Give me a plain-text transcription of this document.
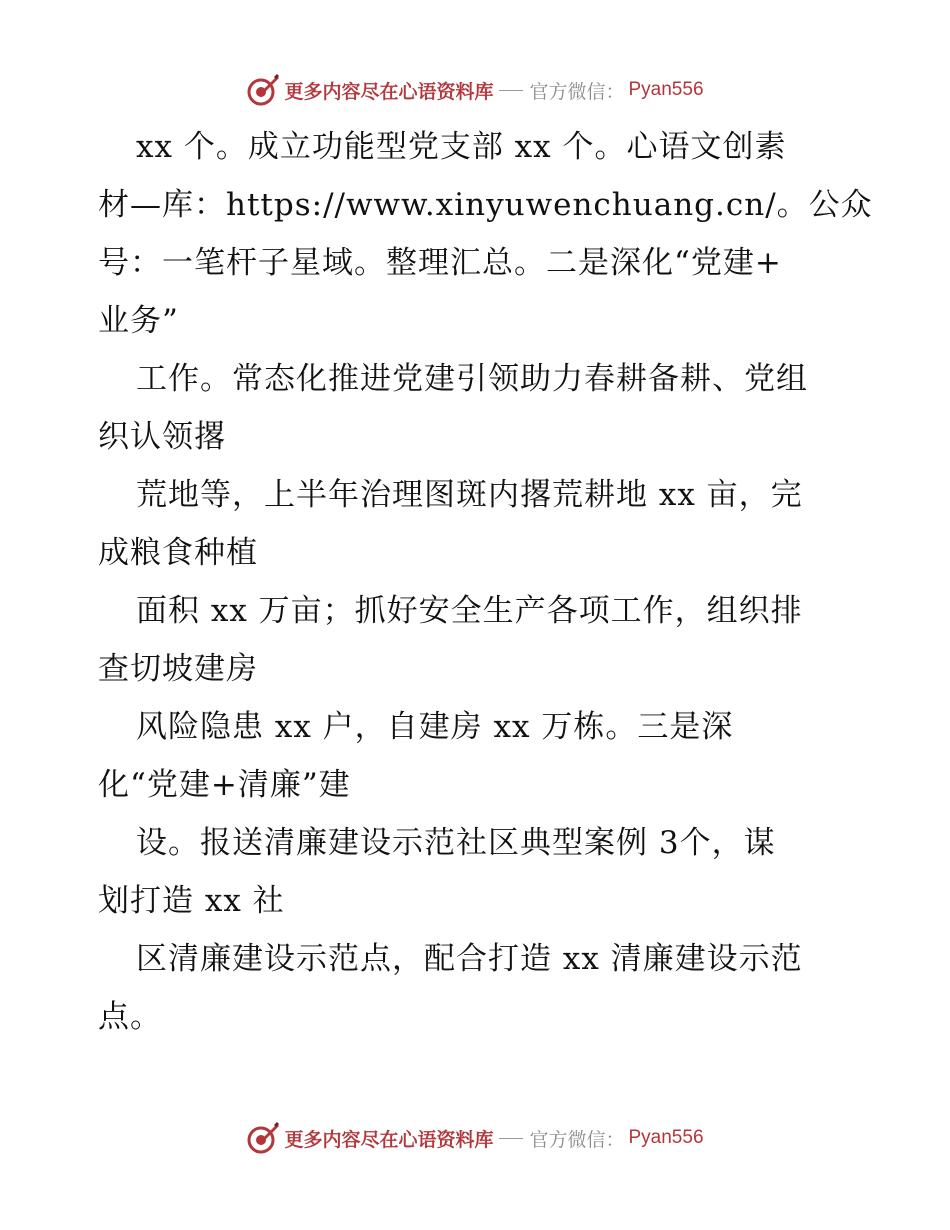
更多内容尽在心语资料库 官方微信： Pyan556
xx 个。成立功能型党支部 xx 个。心语文创素
材—库：https://www.xinyuwenchuang.cn/。公众
号：一笔杆子星域。整理汇总。二是深化“党建+
业务”
工作。常态化推进党建引领助力春耕备耕、党组
织认领撂
荒地等，上半年治理图斑内撂荒耕地 xx 亩，完
成粮食种植
面积 xx 万亩；抓好安全生产各项工作，组织排
查切坡建房
风险隐患 xx 户，自建房 xx 万栋。三是深
化“党建+清廉”建
设。报送清廉建设示范社区典型案例 3个，谋
划打造 xx 社
区清廉建设示范点，配合打造 xx 清廉建设示范
点。
更多内容尽在心语资料库 官方微信： Pyan556
